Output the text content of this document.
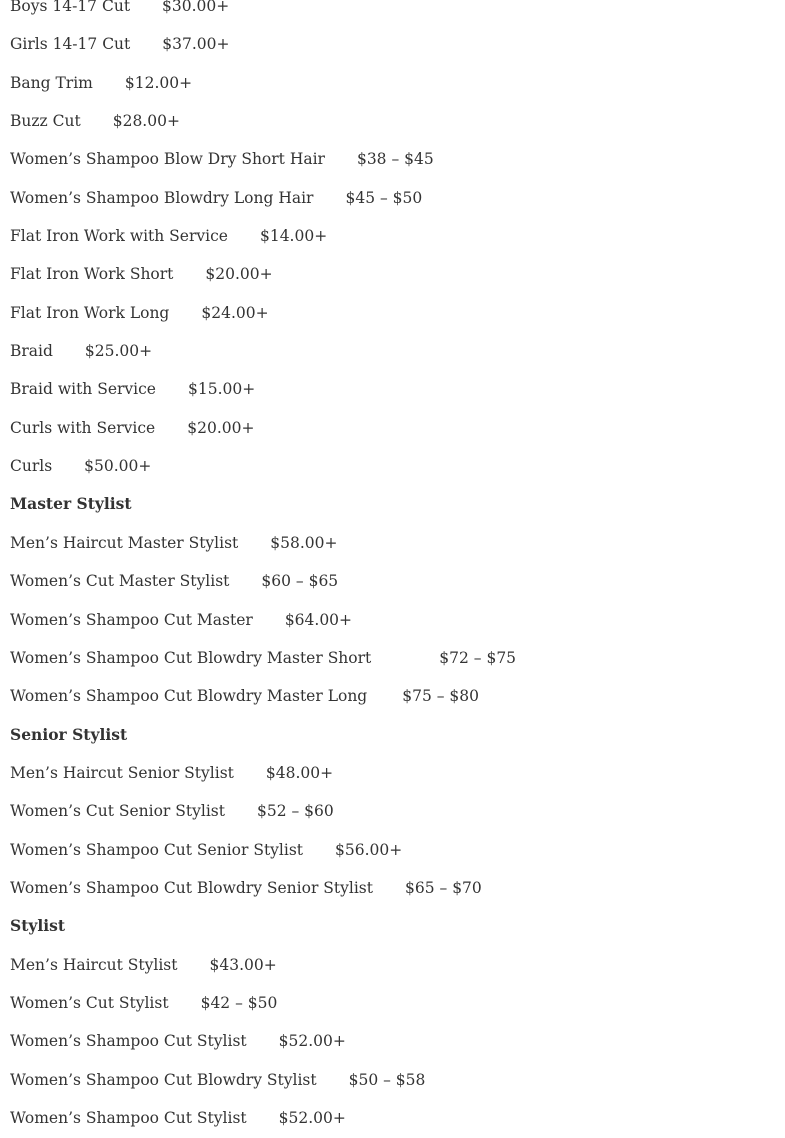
Boys 14-17 Cut $30.00+
Girls 14-17 Cut $37.00+
Bang Trim $12.00+
Buzz Cut $28.00+
Women’s Shampoo Blow Dry Short Hair $38 – $45
Women’s Shampoo Blowdry Long Hair $45 – $50
Flat Iron Work with Service $14.00+
Flat Iron Work Short $20.00+
Flat Iron Work Long $24.00+
Braid $25.00+
Braid with Service $15.00+
Curls with Service $20.00+
Curls $50.00+
Master Stylist
Men’s Haircut Master Stylist $58.00+
Women’s Cut Master Stylist $60 – $65
Women’s Shampoo Cut Master $64.00+
Women’s Shampoo Cut Blowdry Master Short	$72 – $75
Women’s Shampoo Cut Blowdry Master Long $75 – $80
Senior Stylist
Men’s Haircut Senior Stylist $48.00+
Women’s Cut Senior Stylist $52 – $60
Women’s Shampoo Cut Senior Stylist $56.00+
Women’s Shampoo Cut Blowdry Senior Stylist $65 – $70
Stylist
Men’s Haircut Stylist $43.00+
Women’s Cut Stylist $42 – $50
Women’s Shampoo Cut Stylist $52.00+
Women’s Shampoo Cut Blowdry Stylist $50 – $58
Women’s Shampoo Cut Stylist $52.00+
